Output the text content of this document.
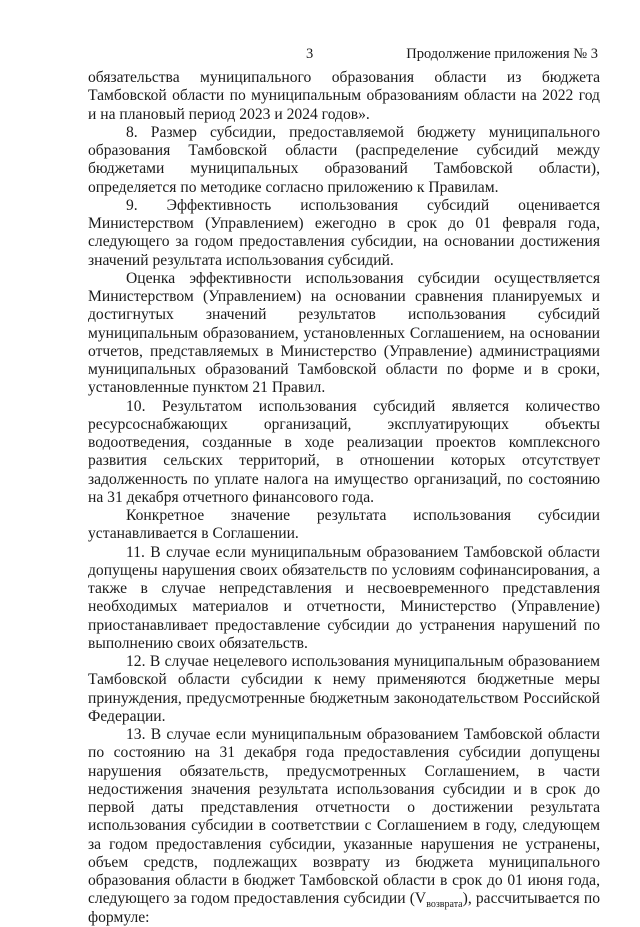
3	Продолжение приложения № 3

обязательства муниципального образования области из бюджета Тамбовской области по муниципальным образованиям области на 2022 год и на плановый период 2023 и 2024 годов».

8. Размер субсидии, предоставляемой бюджету муниципального образования Тамбовской области (распределение субсидий между бюджетами муниципальных образований Тамбовской области), определяется по методике согласно приложению к Правилам.

9. Эффективность использования субсидий оценивается Министерством (Управлением) ежегодно в срок до 01 февраля года, следующего за годом предоставления субсидии, на основании достижения значений результата использования субсидий.

Оценка эффективности использования субсидии осуществляется Министерством (Управлением) на основании сравнения планируемых и достигнутых значений результатов использования субсидий муниципальным образованием, установленных Соглашением, на основании отчетов, представляемых в Министерство (Управление) администрациями муниципальных образований Тамбовской области по форме и в сроки, установленные пунктом 21 Правил.

10. Результатом использования субсидий является количество ресурсоснабжающих организаций, эксплуатирующих объекты водоотведения, созданные в ходе реализации проектов комплексного развития сельских территорий, в отношении которых отсутствует задолженность по уплате налога на имущество организаций, по состоянию на 31 декабря отчетного финансового года.

Конкретное значение результата использования субсидии устанавливается в Соглашении.

11. В случае если муниципальным образованием Тамбовской области допущены нарушения своих обязательств по условиям софинансирования, а также в случае непредставления и несвоевременного представления необходимых материалов и отчетности, Министерство (Управление) приостанавливает предоставление субсидии до устранения нарушений по выполнению своих обязательств.

12. В случае нецелевого использования муниципальным образованием Тамбовской области субсидии к нему применяются бюджетные меры принуждения, предусмотренные бюджетным законодательством Российской Федерации.

13. В случае если муниципальным образованием Тамбовской области по состоянию на 31 декабря года предоставления субсидии допущены нарушения обязательств, предусмотренных Соглашением, в части недостижения значения результата использования субсидии и в срок до первой даты представления отчетности о достижении результата использования субсидии в соответствии с Соглашением в году, следующем за годом предоставления субсидии, указанные нарушения не устранены, объем средств, подлежащих возврату из бюджета муниципального образования области в бюджет Тамбовской области в срок до 01 июня года, следующего за годом предоставления субсидии $(V_{возврата})$, рассчитывается по формуле:
